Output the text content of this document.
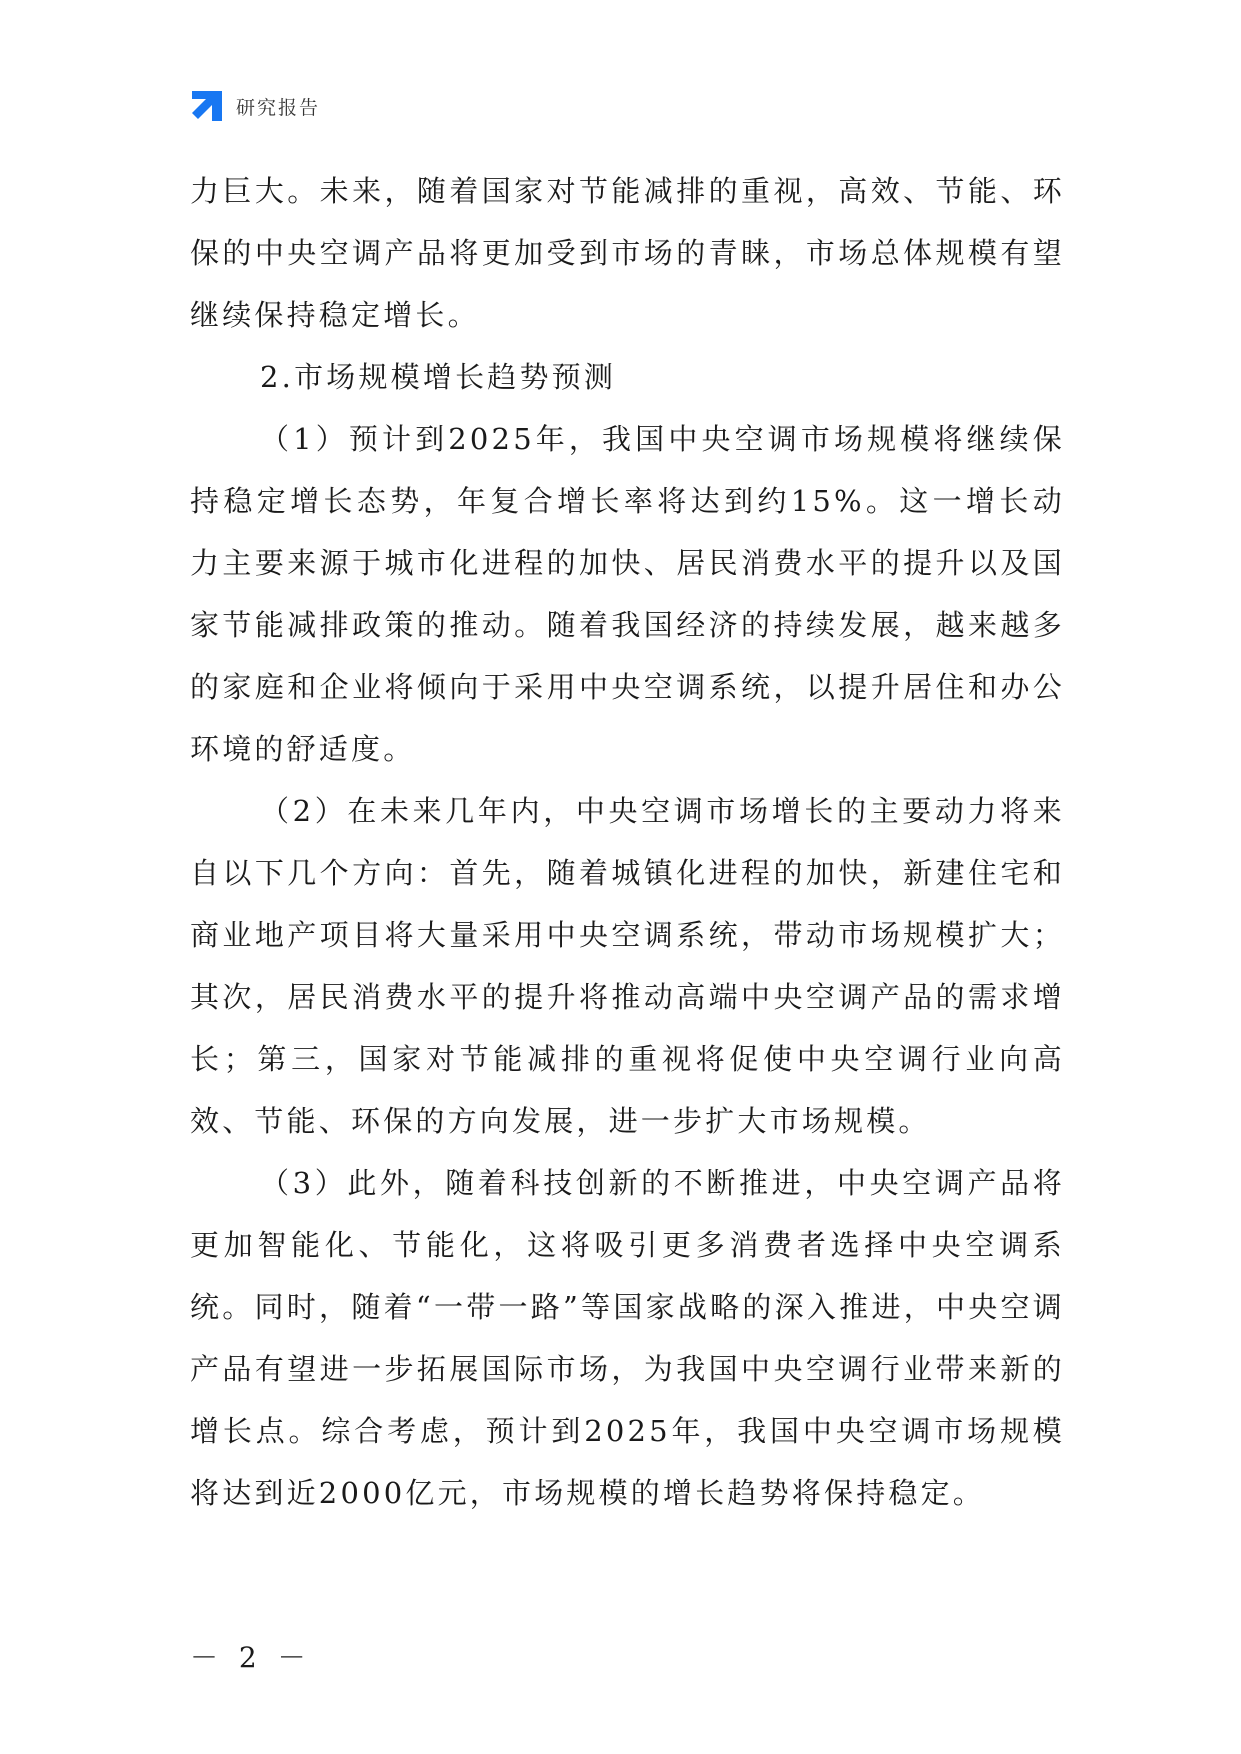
研究报告

力巨大。未来，随着国家对节能减排的重视，高效、节能、环保的中央空调产品将更加受到市场的青睐，市场总体规模有望继续保持稳定增长。

2.市场规模增长趋势预测

（1）预计到2025年，我国中央空调市场规模将继续保持稳定增长态势，年复合增长率将达到约15%。这一增长动力主要来源于城市化进程的加快、居民消费水平的提升以及国家节能减排政策的推动。随着我国经济的持续发展，越来越多的家庭和企业将倾向于采用中央空调系统，以提升居住和办公环境的舒适度。

（2）在未来几年内，中央空调市场增长的主要动力将来自以下几个方向：首先，随着城镇化进程的加快，新建住宅和商业地产项目将大量采用中央空调系统，带动市场规模扩大；其次，居民消费水平的提升将推动高端中央空调产品的需求增长；第三，国家对节能减排的重视将促使中央空调行业向高效、节能、环保的方向发展，进一步扩大市场规模。

（3）此外，随着科技创新的不断推进，中央空调产品将更加智能化、节能化，这将吸引更多消费者选择中央空调系统。同时，随着“一带一路”等国家战略的深入推进，中央空调产品有望进一步拓展国际市场，为我国中央空调行业带来新的增长点。综合考虑，预计到2025年，我国中央空调市场规模将达到近2000亿元，市场规模的增长趋势将保持稳定。

－ 2 －
